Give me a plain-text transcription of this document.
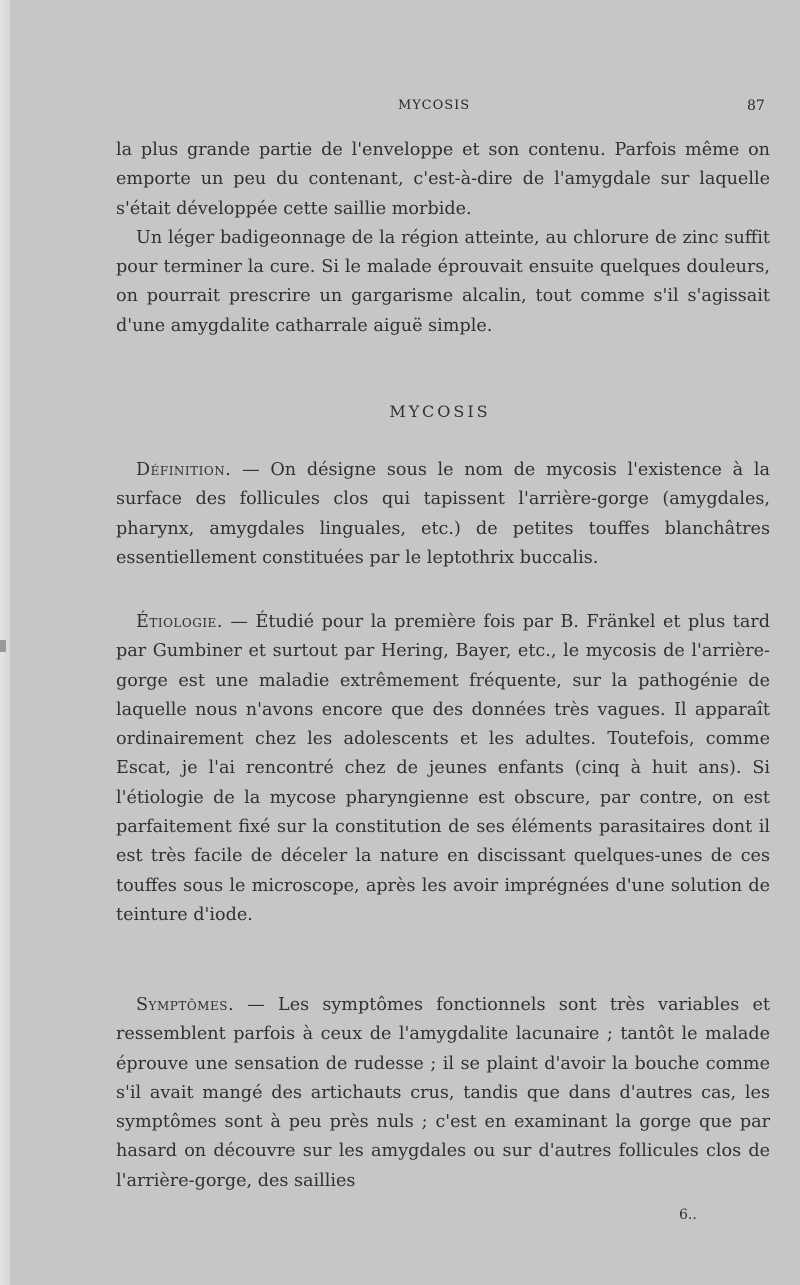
MYCOSIS	87

la plus grande partie de l'enveloppe et son contenu. Parfois même on emporte un peu du contenant, c'est-à-dire de l'amygdale sur laquelle s'était développée cette saillie morbide.

Un léger badigeonnage de la région atteinte, au chlorure de zinc suffit pour terminer la cure. Si le malade éprouvait ensuite quelques douleurs, on pourrait prescrire un gargarisme alcalin, tout comme s'il s'agissait d'une amygdalite catharrale aiguë simple.

MYCOSIS

Définition. — On désigne sous le nom de mycosis l'existence à la surface des follicules clos qui tapissent l'arrière-gorge (amygdales, pharynx, amygdales linguales, etc.) de petites touffes blanchâtres essentiellement constituées par le leptothrix buccalis.

Étiologie. — Étudié pour la première fois par B. Fränkel et plus tard par Gumbiner et surtout par Hering, Bayer, etc., le mycosis de l'arrière-gorge est une maladie extrêmement fréquente, sur la pathogénie de laquelle nous n'avons encore que des données très vagues. Il apparaît ordinairement chez les adolescents et les adultes. Toutefois, comme Escat, je l'ai rencontré chez de jeunes enfants (cinq à huit ans). Si l'étiologie de la mycose pharyngienne est obscure, par contre, on est parfaitement fixé sur la constitution de ses éléments parasitaires dont il est très facile de déceler la nature en discissant quelques-unes de ces touffes sous le microscope, après les avoir imprégnées d'une solution de teinture d'iode.

Symptômes. — Les symptômes fonctionnels sont très variables et ressemblent parfois à ceux de l'amygdalite lacunaire ; tantôt le malade éprouve une sensation de rudesse ; il se plaint d'avoir la bouche comme s'il avait mangé des artichauts crus, tandis que dans d'autres cas, les symptômes sont à peu près nuls ; c'est en examinant la gorge que par hasard on découvre sur les amygdales ou sur d'autres follicules clos de l'arrière-gorge, des saillies

6..
